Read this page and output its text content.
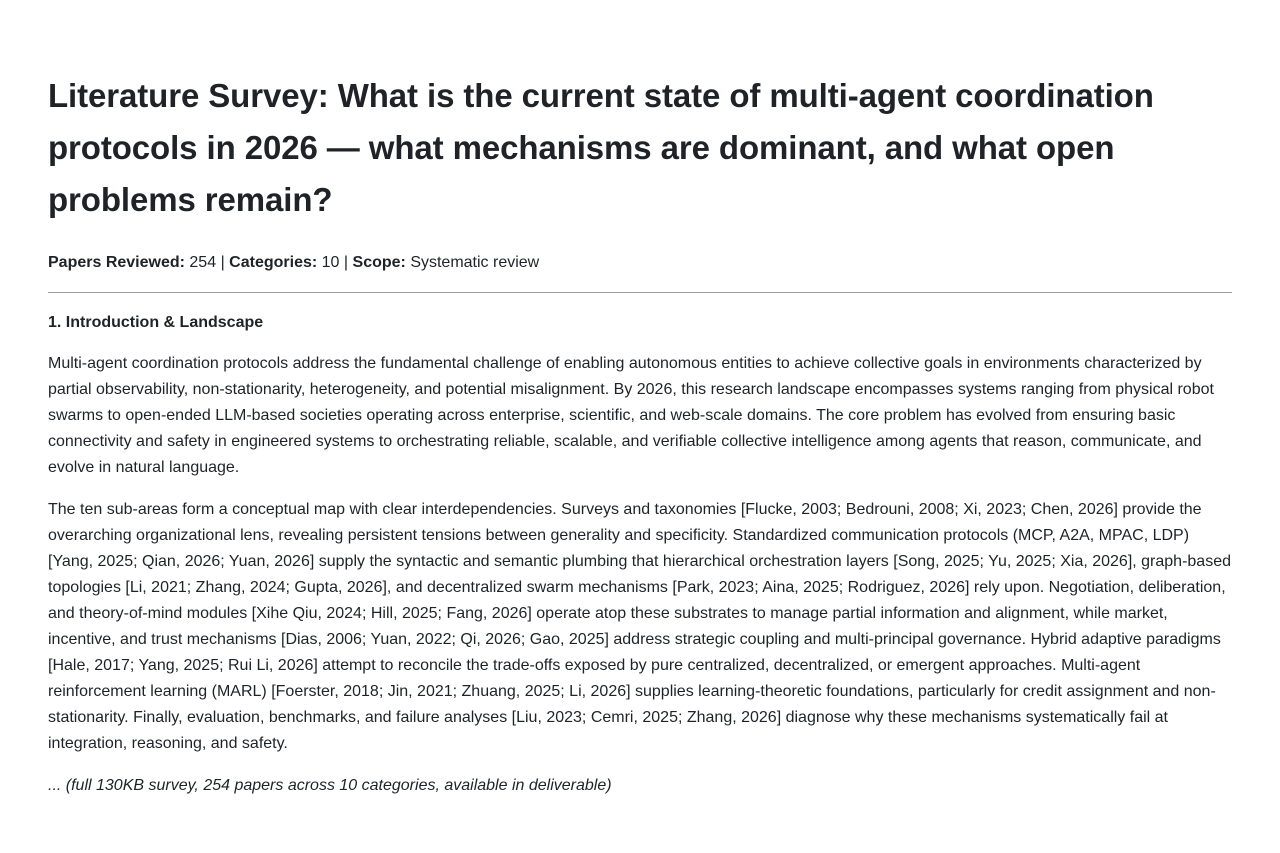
Literature Survey: What is the current state of multi-agent coordination protocols in 2026 — what mechanisms are dominant, and what open problems remain?
Papers Reviewed: 254 | Categories: 10 | Scope: Systematic review
1. Introduction & Landscape

Multi-agent coordination protocols address the fundamental challenge of enabling autonomous entities to achieve collective goals in environments characterized by partial observability, non-stationarity, heterogeneity, and potential misalignment. By 2026, this research landscape encompasses systems ranging from physical robot swarms to open-ended LLM-based societies operating across enterprise, scientific, and web-scale domains. The core problem has evolved from ensuring basic connectivity and safety in engineered systems to orchestrating reliable, scalable, and verifiable collective intelligence among agents that reason, communicate, and evolve in natural language.

The ten sub-areas form a conceptual map with clear interdependencies. Surveys and taxonomies [Flucke, 2003; Bedrouni, 2008; Xi, 2023; Chen, 2026] provide the overarching organizational lens, revealing persistent tensions between generality and specificity. Standardized communication protocols (MCP, A2A, MPAC, LDP) [Yang, 2025; Qian, 2026; Yuan, 2026] supply the syntactic and semantic plumbing that hierarchical orchestration layers [Song, 2025; Yu, 2025; Xia, 2026], graph-based topologies [Li, 2021; Zhang, 2024; Gupta, 2026], and decentralized swarm mechanisms [Park, 2023; Aina, 2025; Rodriguez, 2026] rely upon. Negotiation, deliberation, and theory-of-mind modules [Xihe Qiu, 2024; Hill, 2025; Fang, 2026] operate atop these substrates to manage partial information and alignment, while market, incentive, and trust mechanisms [Dias, 2006; Yuan, 2022; Qi, 2026; Gao, 2025] address strategic coupling and multi-principal governance. Hybrid adaptive paradigms [Hale, 2017; Yang, 2025; Rui Li, 2026] attempt to reconcile the trade-offs exposed by pure centralized, decentralized, or emergent approaches. Multi-agent reinforcement learning (MARL) [Foerster, 2018; Jin, 2021; Zhuang, 2025; Li, 2026] supplies learning-theoretic foundations, particularly for credit assignment and non-stationarity. Finally, evaluation, benchmarks, and failure analyses [Liu, 2023; Cemri, 2025; Zhang, 2026] diagnose why these mechanisms systematically fail at integration, reasoning, and safety.

... (full 130KB survey, 254 papers across 10 categories, available in deliverable)
